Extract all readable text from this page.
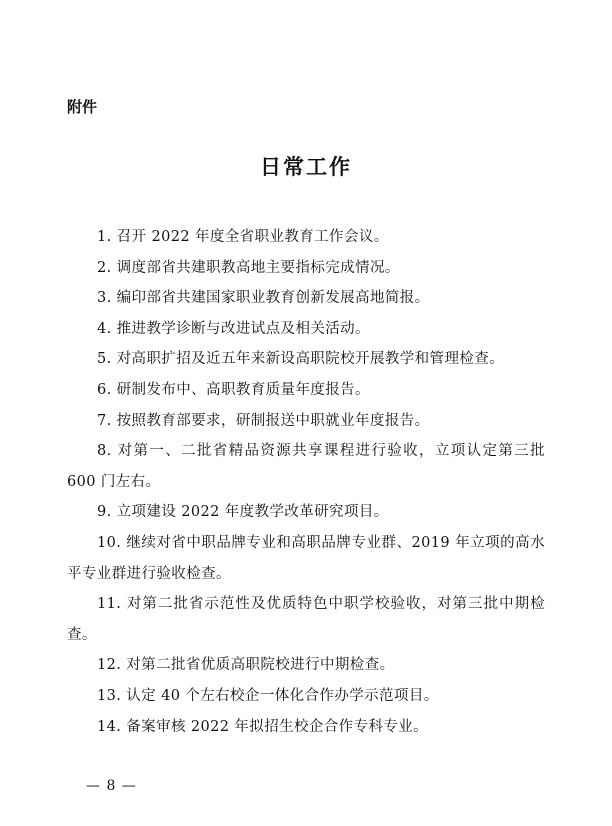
附件

日常工作
1. 召开 2022 年度全省职业教育工作会议。
2. 调度部省共建职教高地主要指标完成情况。
3. 编印部省共建国家职业教育创新发展高地简报。
4. 推进教学诊断与改进试点及相关活动。
5. 对高职扩招及近五年来新设高职院校开展教学和管理检查。
6. 研制发布中、高职教育质量年度报告。
7. 按照教育部要求，研制报送中职就业年度报告。
8. 对第一、二批省精品资源共享课程进行验收，立项认定第三批 600 门左右。
9. 立项建设 2022 年度教学改革研究项目。
10. 继续对省中职品牌专业和高职品牌专业群、2019 年立项的高水平专业群进行验收检查。
11. 对第二批省示范性及优质特色中职学校验收，对第三批中期检查。
12. 对第二批省优质高职院校进行中期检查。
13. 认定 40 个左右校企一体化合作办学示范项目。
14. 备案审核 2022 年拟招生校企合作专科专业。
— 8 —
